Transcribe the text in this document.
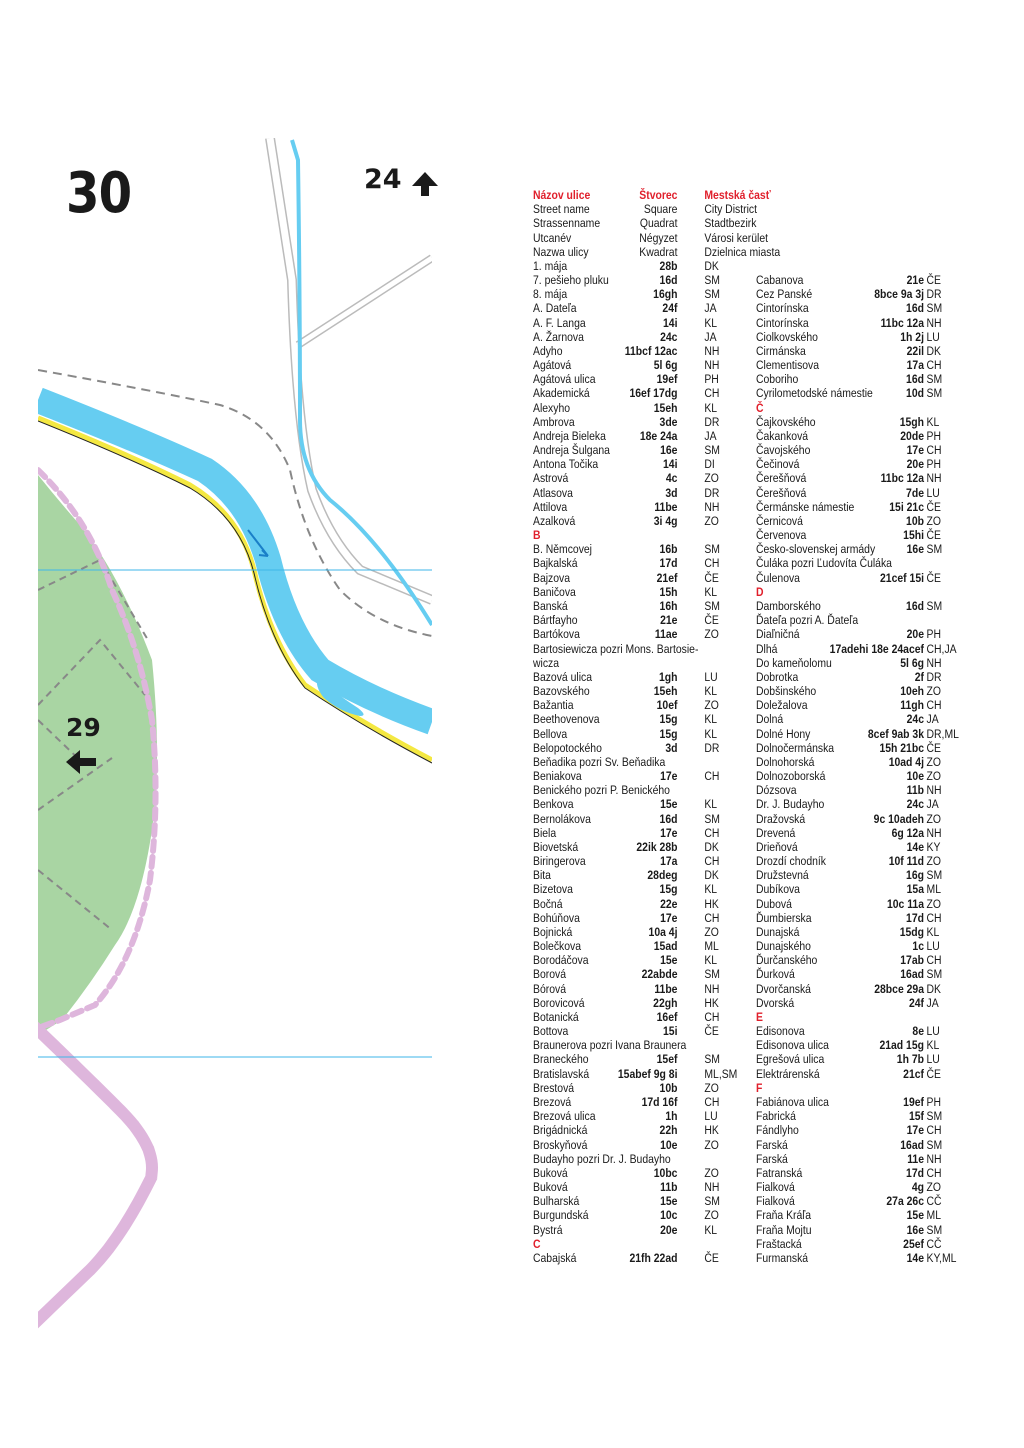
30	24
29
Názov ulice	Štvorec Mestská časť
Street name	Square City District
Strassenname	Quadrat Stadtbezirk
Utcanév	Négyzet Városi kerület
Nazwa ulicy	Kwadrat Dzielnica miasta
1. mája	28b DK
7. pešieho pluku	16d SM
8. mája	16gh SM
A. Dateľa	24f JA
A. F. Langa	14i KL
A. Žarnova	24c JA
Adyho	11bcf 12ac NH
Agátová	5l 6g NH
Agátová ulica	19ef PH
Akademická	16ef 17dg CH
Alexyho	15eh KL
Ambrova	3de DR
Andreja Bieleka	18e 24a JA
Andreja Šulgana	16e SM
Antona Točika	14i DI
Astrová	4c ZO
Atlasova	3d DR
Attilova	11be NH
Azalková	3i 4g ZO
B
B. Němcovej	16b SM
Bajkalská	17d CH
Bajzova	21ef ČE
Baničova	15h KL
Banská	16h SM
Bártfayho	21e ČE
Bartókova	11ae ZO
Bartosiewicza pozri Mons. Bartosie-
wicza
Bazová ulica	1gh LU
Bazovského	15eh KL
Bažantia	10ef ZO
Beethovenova	15g KL
Bellova	15g KL
Belopotockého	3d DR
Beňadika pozri Sv. Beňadika
Beniakova	17e CH
Benického pozri P. Benického
Benkova	15e KL
Bernolákova	16d SM
Biela	17e CH
Biovetská	22ik 28b DK
Biringerova	17a CH
Bita	28deg DK
Bizetova	15g KL
Bočná	22e HK
Bohúňova	17e CH
Bojnická	10a 4j ZO
Bolečkova	15ad ML
Borodáčova	15e KL
Borová	22abde SM
Bórová	11be NH
Borovicová	22gh HK
Botanická	16ef CH
Bottova	15i ČE
Braunerova pozri Ivana Braunera
Braneckého	15ef SM
Bratislavská 15abef 9g 8i ML,SM
Brestová	10b ZO
Brezová	17d 16f CH
Brezová ulica	1h LU
Brigádnická	22h HK
Broskyňová	10e ZO
Budayho pozri Dr. J. Budayho
Buková	10bc ZO
Buková	11b NH
Bulharská	15e SM
Burgundská	10c ZO
Bystrá	20e KL
C
Cabajská	21fh 22ad ČE
Cabanova	21e ČE
Cez Panské	8bce 9a 3j DR
Cintorínska	16d SM
Cintorínska	11bc 12a NH
Ciolkovského	1h 2j LU
Cirmánska	22il DK
Clementisova	17a CH
Coboriho	16d SM
Cyrilometodské námestie	10d SM
Č
Čajkovského	15gh KL
Čakanková	20de PH
Čavojského	17e CH
Čečinová	20e PH
Čerešňová	11bc 12a NH
Čerešňová	7de LU
Čermánske námestie	15i 21c ČE
Černicová	10b ZO
Červenova	15hi ČE
Česko-slovenskej armády	16e SM
Čuláka pozri Ľudovíta Čuláka
Čulenova	21cef 15i ČE
D
Damborského	16d SM
Ďateľa pozri A. Ďateľa
Diaľničná	20e PH
Dlhá	17adehi 18e 24acef CH,JA
Do kameňolomu	5l 6g NH
Dobrotka	2f DR
Dobšinského	10eh ZO
Doležalova	11gh CH
Dolná	24c JA
Dolné Hony	8cef 9ab 3k DR,ML
Dolnočermánska	15h 21bc ČE
Dolnohorská	10ad 4j ZO
Dolnozoborská	10e ZO
Dózsova	11b NH
Dr. J. Budayho	24c JA
Dražovská	9c 10adeh ZO
Drevená	6g 12a NH
Drieňová	14e KY
Drozdí chodník	10f 11d ZO
Družstevná	16g SM
Dubíkova	15a ML
Dubová	10c 11a ZO
Ďumbierska	17d CH
Dunajská	15dg KL
Dunajského	1c LU
Ďurčanského	17ab CH
Ďurková	16ad SM
Dvorčanská	28bce 29a DK
Dvorská	24f JA
E
Edisonova	8e LU
Edisonova ulica	21ad 15g KL
Egrešová ulica	1h 7b LU
Elektrárenská	21cf ČE
F
Fabiánova ulica	19ef PH
Fabrická	15f SM
Fándlyho	17e CH
Farská	16ad SM
Farská	11e NH
Fatranská	17d CH
Fialková	4g ZO
Fialková	27a 26c CČ
Fraňa Kráľa	15e ML
Fraňa Mojtu	16e SM
Fraštacká	25ef CČ
Furmanská	14e KY,ML
